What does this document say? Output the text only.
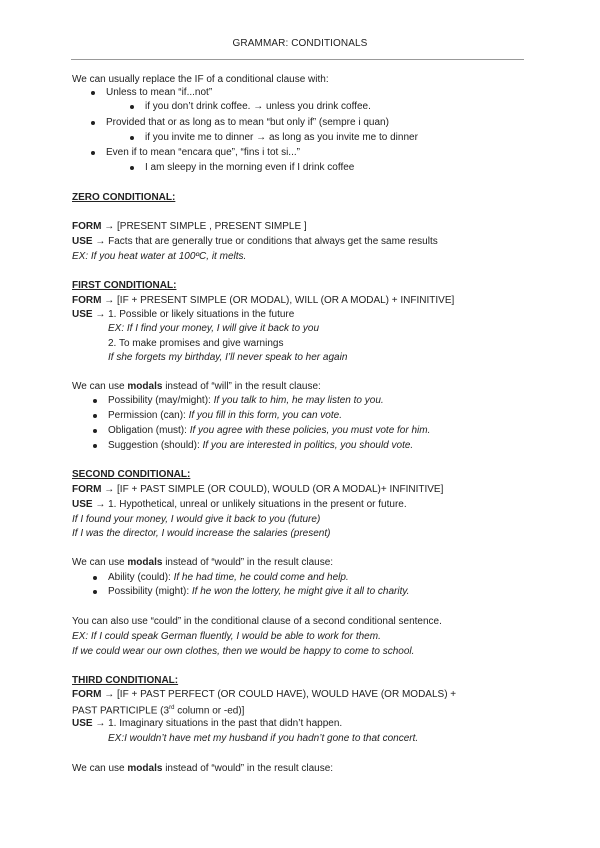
GRAMMAR: CONDITIONALS
We can usually replace the IF of a conditional clause with:
Unless to mean “if...not”
if you don’t drink coffee. → unless you drink coffee.
Provided that or as long as to mean “but only if” (sempre i quan)
if you invite me to dinner → as long as you invite me to dinner
Even if to mean “encara que”, “fins i tot si...”
I am sleepy in the morning even if I drink coffee
ZERO CONDITIONAL:
FORM → [PRESENT SIMPLE , PRESENT SIMPLE ]
USE → Facts that are generally true or conditions that always get the same results
EX: If you heat water at 100ºC, it melts.
FIRST CONDITIONAL:
FORM → [IF + PRESENT SIMPLE (OR MODAL), WILL (OR A MODAL) + INFINITIVE]
USE → 1. Possible or likely situations in the future
EX: If I find your money, I will give it back to you
2. To make promises and give warnings
If she forgets my birthday, I’ll never speak to her again
We can use modals instead of “will” in the result clause:
Possibility (may/might): If you talk to him, he may listen to you.
Permission (can): If you fill in this form, you can vote.
Obligation (must): If you agree with these policies, you must vote for him.
Suggestion (should): If you are interested in politics, you should vote.
SECOND CONDITIONAL:
FORM → [IF + PAST SIMPLE (OR COULD), WOULD (OR A MODAL)+ INFINITIVE]
USE → 1. Hypothetical, unreal or unlikely situations in the present or future.
If I found your money, I would give it back to you (future)
If I was the director, I would increase the salaries (present)
We can use modals instead of “would” in the result clause:
Ability (could): If he had time, he could come and help.
Possibility (might): If he won the lottery, he might give it all to charity.
You can also use “could” in the conditional clause of a second conditional sentence.
EX: If I could speak German fluently, I would be able to work for them.
If we could wear our own clothes, then we would be happy to come to school.
THIRD CONDITIONAL:
FORM → [IF + PAST PERFECT (OR COULD HAVE), WOULD HAVE (OR MODALS) +
PAST PARTICIPLE (3rd column or -ed)]
USE → 1. Imaginary situations in the past that didn’t happen.
EX:I wouldn’t have met my husband if you hadn’t gone to that concert.
We can use modals instead of “would” in the result clause:
